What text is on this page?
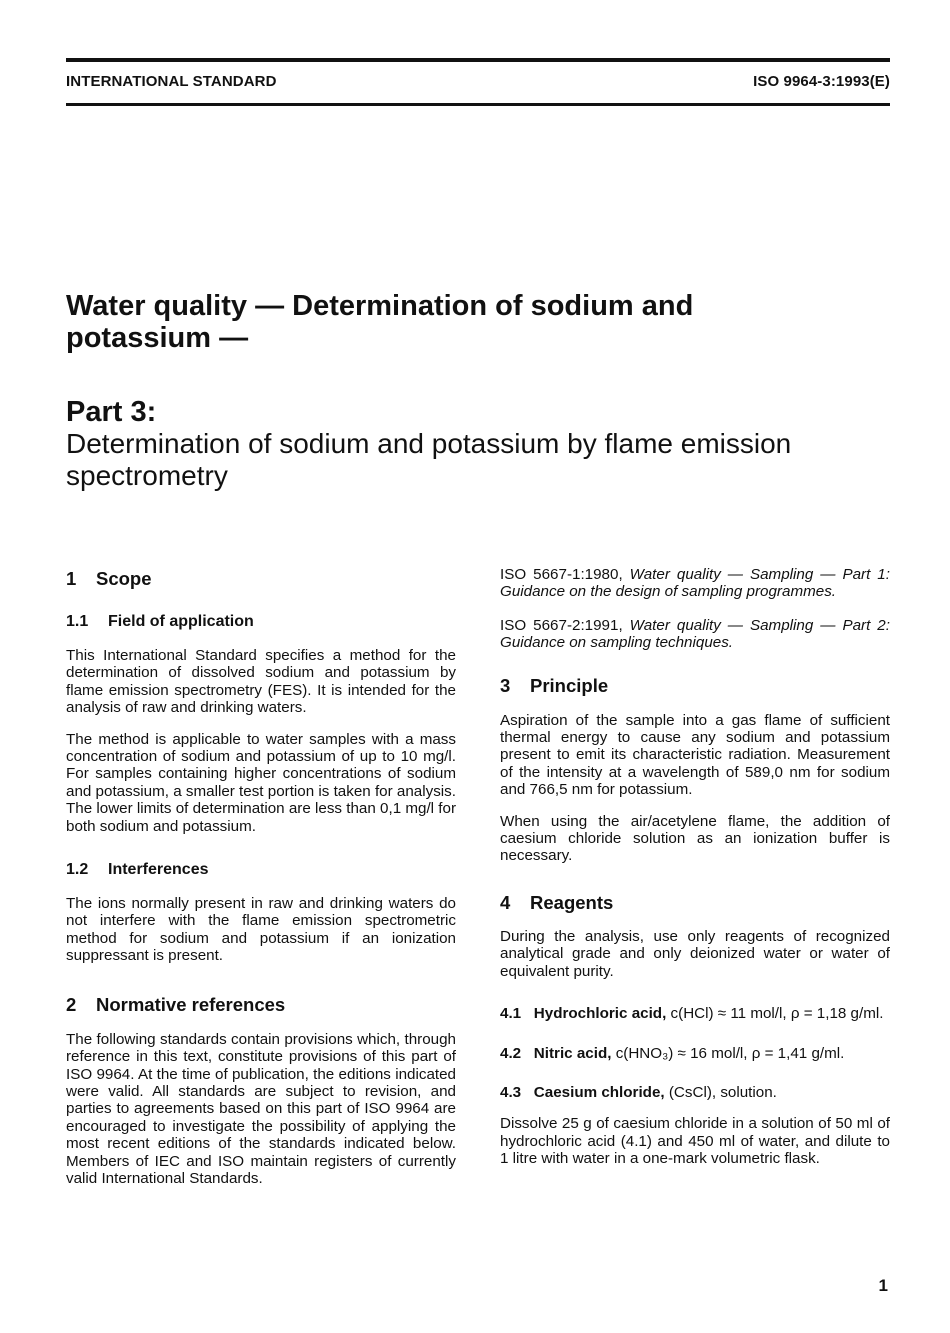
INTERNATIONAL STANDARD	ISO 9964-3:1993(E)
Water quality — Determination of sodium and
potassium —
Part 3:
Determination of sodium and potassium by flame emission
spectrometry
1	Scope
1.1	Field of application

This International Standard specifies a method for the determination of dissolved sodium and potassium by flame emission spectrometry (FES). It is intended for the analysis of raw and drinking waters.

The method is applicable to water samples with a mass concentration of sodium and potassium of up to 10 mg/l. For samples containing higher concentrations of sodium and potassium, a smaller test portion is taken for analysis. The lower limits of determination are less than 0,1 mg/l for both sodium and potassium.

1.2	Interferences

The ions normally present in raw and drinking waters do not interfere with the flame emission spectrometric method for sodium and potassium if an ionization suppressant is present.

2	Normative references

The following standards contain provisions which, through reference in this text, constitute provisions of this part of ISO 9964. At the time of publication, the editions indicated were valid. All standards are subject to revision, and parties to agreements based on this part of ISO 9964 are encouraged to investigate the possibility of applying the most recent editions of the standards indicated below. Members of IEC and ISO maintain registers of currently valid International Standards.

ISO 5667-1:1980, Water quality — Sampling — Part 1: Guidance on the design of sampling programmes.

ISO 5667-2:1991, Water quality — Sampling — Part 2: Guidance on sampling techniques.

3	Principle

Aspiration of the sample into a gas flame of sufficient thermal energy to cause any sodium and potassium present to emit its characteristic radiation. Measurement of the intensity at a wavelength of 589,0 nm for sodium and 766,5 nm for potassium.

When using the air/acetylene flame, the addition of caesium chloride solution as an ionization buffer is necessary.

4	Reagents

During the analysis, use only reagents of recognized analytical grade and only deionized water or water of equivalent purity.

4.1 Hydrochloric acid, c(HCl) ≈ 11 mol/l, ρ = 1,18 g/ml.

4.2 Nitric acid, c(HNO₃) ≈ 16 mol/l, ρ = 1,41 g/ml.

4.3 Caesium chloride, (CsCl), solution.

Dissolve 25 g of caesium chloride in a solution of 50 ml of hydrochloric acid (4.1) and 450 ml of water, and dilute to 1 litre with water in a one-mark volumetric flask.

1
